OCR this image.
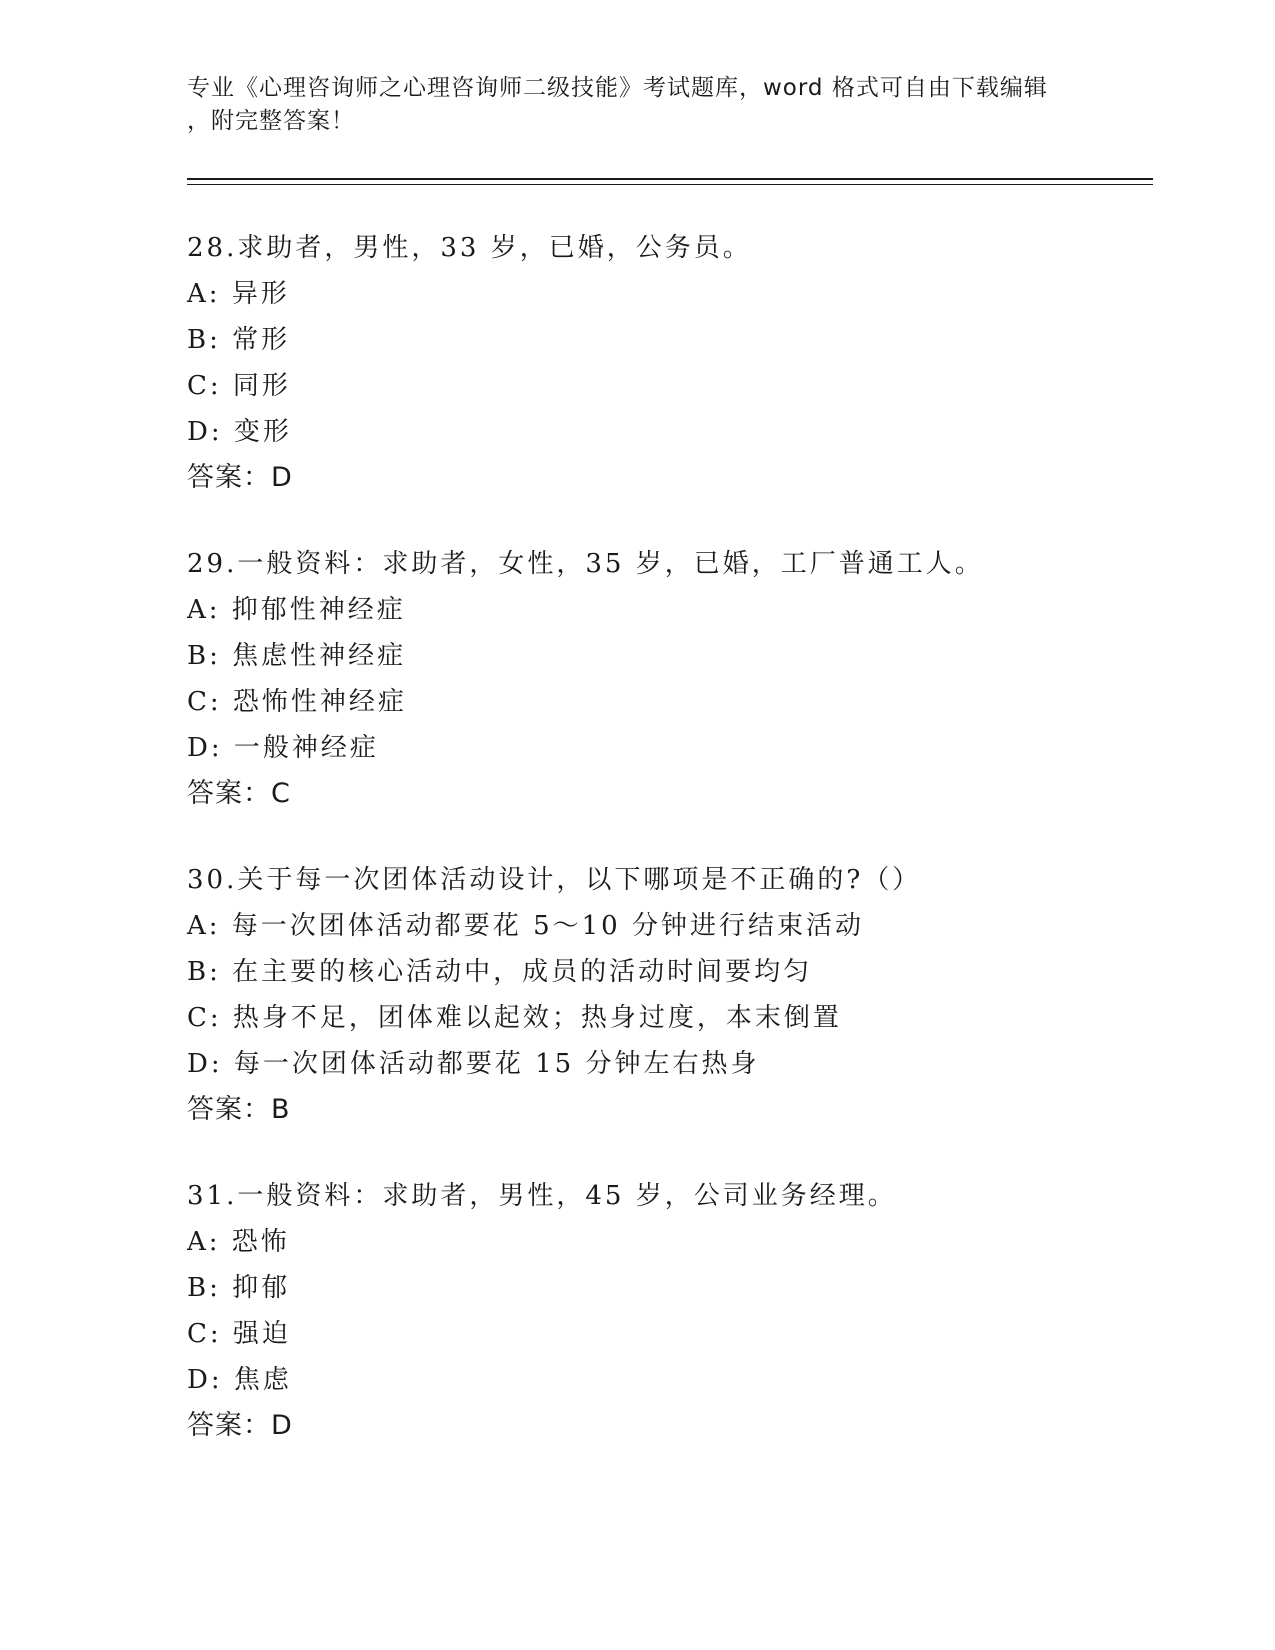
专业《心理咨询师之心理咨询师二级技能》考试题库，word 格式可自由下载编辑
，附完整答案！
28.求助者，男性，33 岁，已婚，公务员。
A: 异形
B: 常形
C: 同形
D: 变形
答案：D
29.一般资料：求助者，女性，35 岁，已婚，工厂普通工人。
A: 抑郁性神经症
B: 焦虑性神经症
C: 恐怖性神经症
D: 一般神经症
答案：C
30.关于每一次团体活动设计，以下哪项是不正确的?（）
A: 每一次团体活动都要花 5～10 分钟进行结束活动
B: 在主要的核心活动中，成员的活动时间要均匀
C: 热身不足，团体难以起效；热身过度，本末倒置
D: 每一次团体活动都要花 15 分钟左右热身
答案：B
31.一般资料：求助者，男性，45 岁，公司业务经理。
A: 恐怖
B: 抑郁
C: 强迫
D: 焦虑
答案：D
